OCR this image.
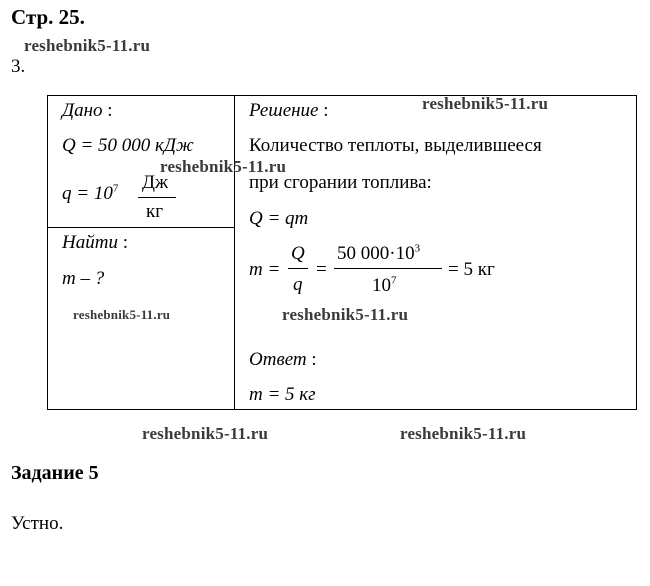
Стр. 25.
reshebnik5-11.ru
3.
Дано :
Q = 50 000 кДж
$q = 10^7$ Дж
кг
reshebnik5-11.ru
Найти :
m – ?
reshebnik5-11.ru
Решение :	reshebnik5-11.ru
Количество теплоты, выделившееся
при сгорании топлива:
Q = qm
m =
Q
q
=
50 $000\cdot 10^3$
$10^7$
= 5 кг
reshebnik5-11.ru
Ответ :
m = 5 кг
reshebnik5-11.ru	reshebnik5-11.ru
Задание 5
Устно.
